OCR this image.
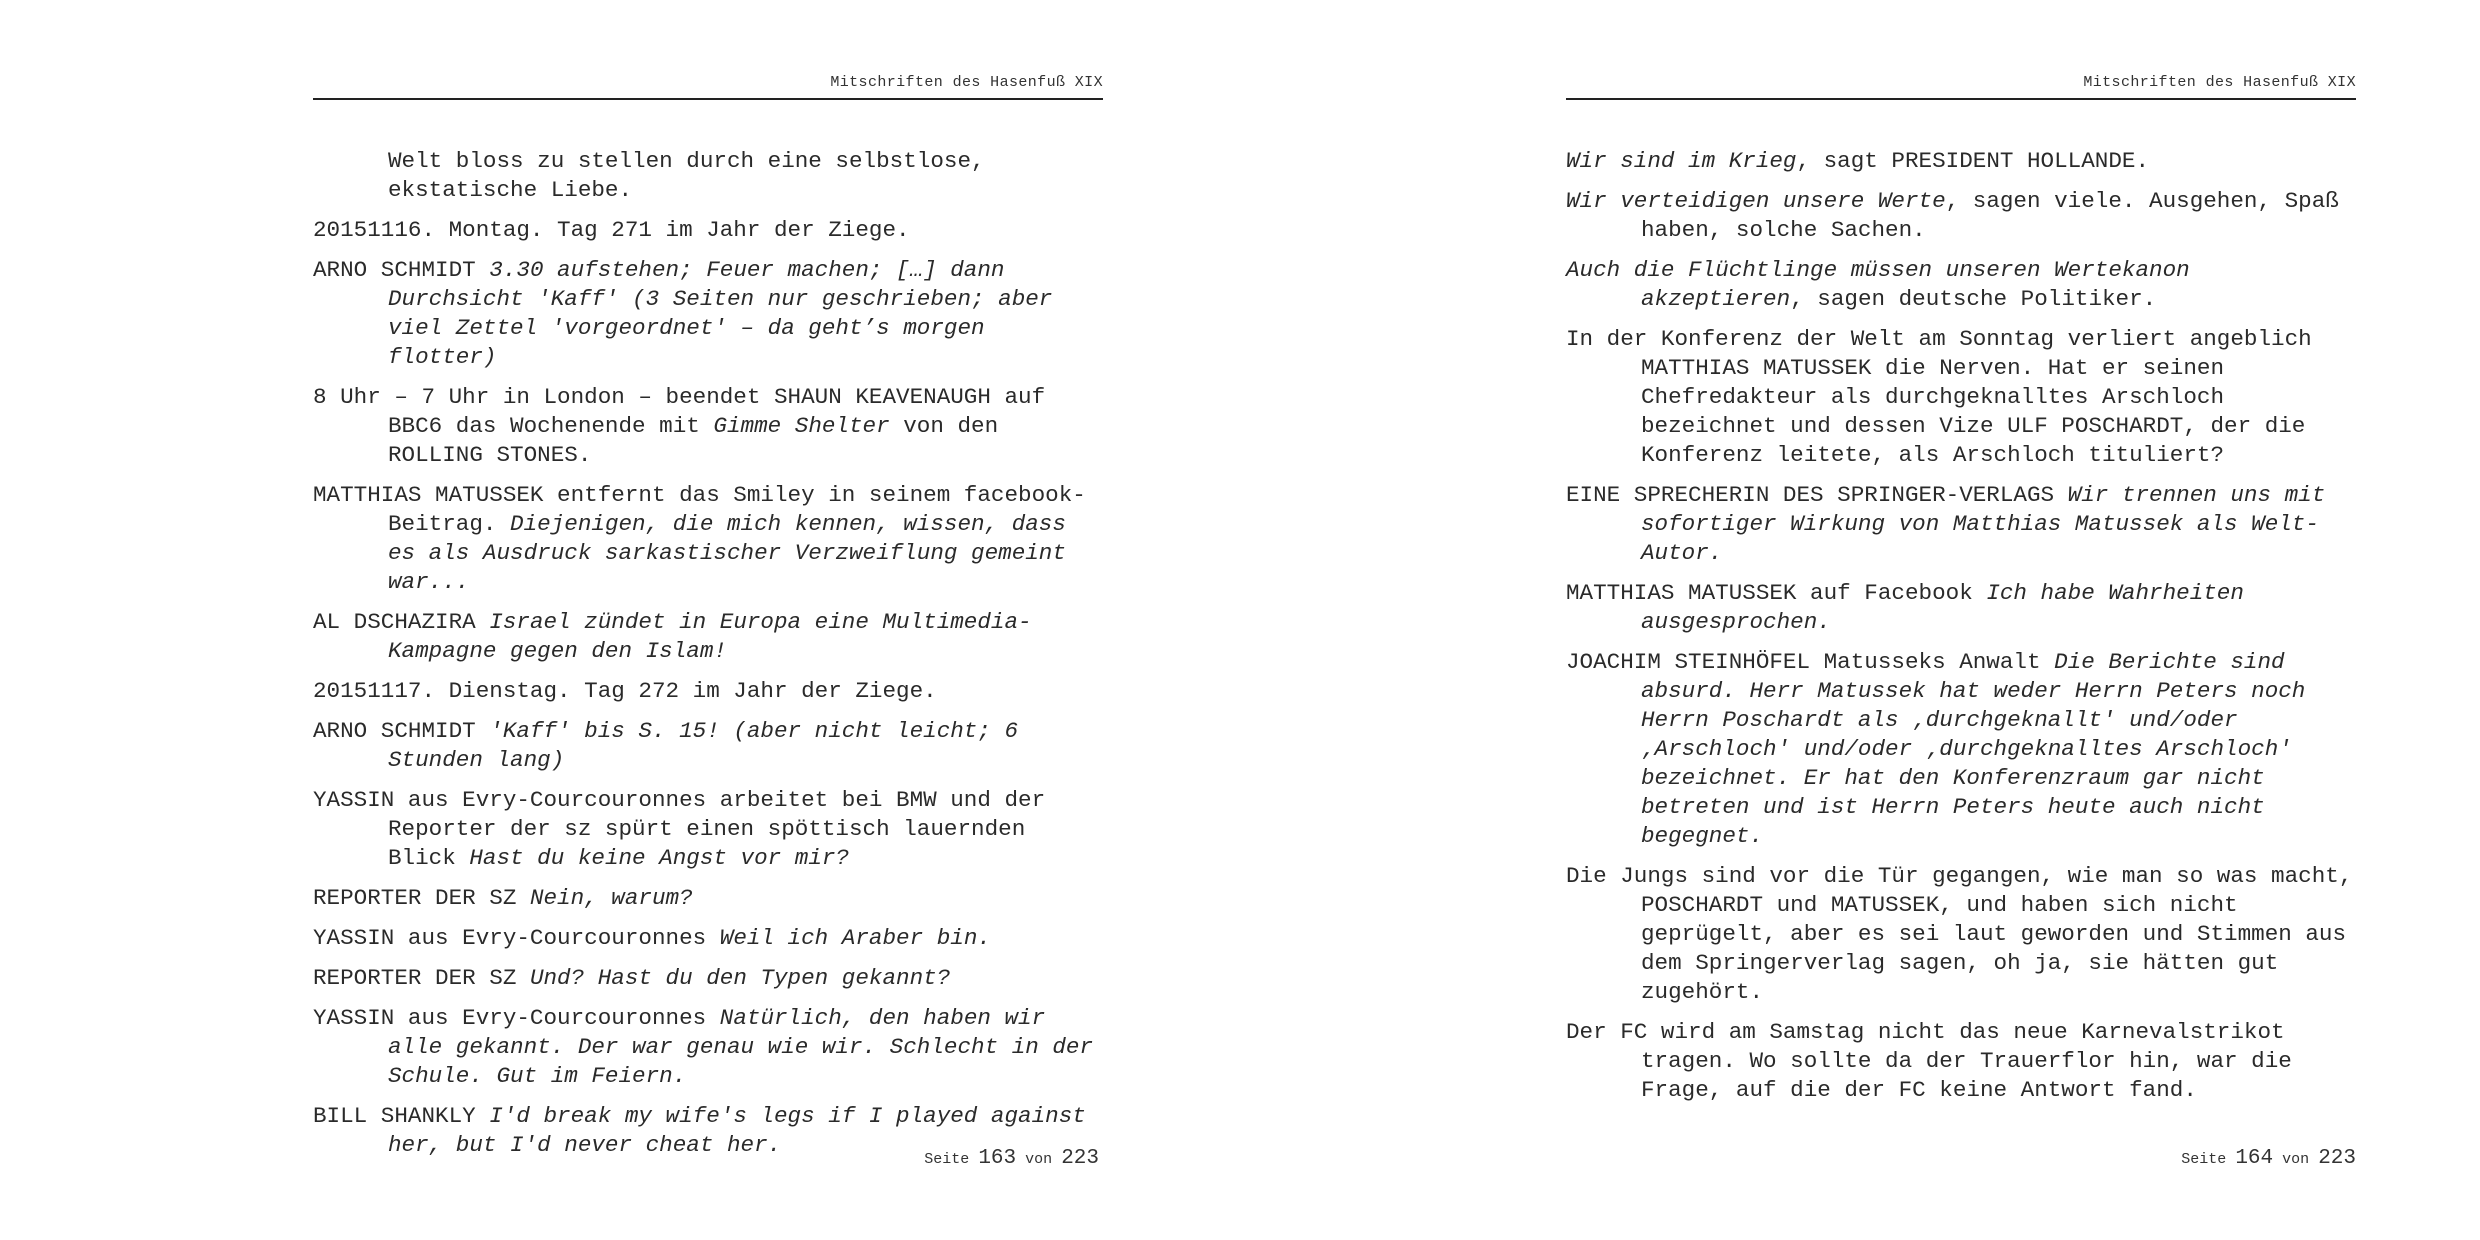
Mitschriften des Hasenfuß XIX

Welt bloss zu stellen durch eine selbstlose, ekstatische Liebe.

20151116. Montag. Tag 271 im Jahr der Ziege.

ARNO SCHMIDT 3.30 aufstehen; Feuer machen; […] dann Durchsicht 'Kaff' (3 Seiten nur geschrieben; aber viel Zettel 'vorgeordnet' – da geht’s morgen flotter)

8 Uhr – 7 Uhr in London – beendet SHAUN KEAVENAUGH auf BBC6 das Wochenende mit Gimme Shelter von den ROLLING STONES.

MATTHIAS MATUSSEK entfernt das Smiley in seinem facebook-Beitrag. Diejenigen, die mich kennen, wissen, dass es als Ausdruck sarkastischer Verzweiflung gemeint war...

AL DSCHAZIRA Israel zündet in Europa eine Multimedia-Kampagne gegen den Islam!

20151117. Dienstag. Tag 272 im Jahr der Ziege.

ARNO SCHMIDT 'Kaff' bis S. 15! (aber nicht leicht; 6 Stunden lang)

YASSIN aus Evry-Courcouronnes arbeitet bei BMW und der Reporter der sz spürt einen spöttisch lauernden Blick Hast du keine Angst vor mir?

REPORTER DER SZ Nein, warum?

YASSIN aus Evry-Courcouronnes Weil ich Araber bin.

REPORTER DER SZ Und? Hast du den Typen gekannt?

YASSIN aus Evry-Courcouronnes Natürlich, den haben wir alle gekannt. Der war genau wie wir. Schlecht in der Schule. Gut im Feiern.

BILL SHANKLY I'd break my wife's legs if I played against her, but I'd never cheat her.

Seite 163 von 223
Mitschriften des Hasenfuß XIX

Wir sind im Krieg, sagt PRESIDENT HOLLANDE.

Wir verteidigen unsere Werte, sagen viele. Ausgehen, Spaß haben, solche Sachen.

Auch die Flüchtlinge müssen unseren Wertekanon akzeptieren, sagen deutsche Politiker.

In der Konferenz der Welt am Sonntag verliert angeblich MATTHIAS MATUSSEK die Nerven. Hat er seinen Chefredakteur als durchgeknalltes Arschloch bezeichnet und dessen Vize ULF POSCHARDT, der die Konferenz leitete, als Arschloch tituliert?

EINE SPRECHERIN DES SPRINGER-VERLAGS Wir trennen uns mit sofortiger Wirkung von Matthias Matussek als Welt-Autor.

MATTHIAS MATUSSEK auf Facebook Ich habe Wahrheiten ausgesprochen.

JOACHIM STEINHÖFEL Matusseks Anwalt Die Berichte sind absurd. Herr Matussek hat weder Herrn Peters noch Herrn Poschardt als ‚durchgeknallt' und/oder ‚Arschloch' und/oder ‚durchgeknalltes Arschloch' bezeichnet. Er hat den Konferenzraum gar nicht betreten und ist Herrn Peters heute auch nicht begegnet.

Die Jungs sind vor die Tür gegangen, wie man so was macht, POSCHARDT und MATUSSEK, und haben sich nicht geprügelt, aber es sei laut geworden und Stimmen aus dem Springerverlag sagen, oh ja, sie hätten gut zugehört.

Der FC wird am Samstag nicht das neue Karnevalstrikot tragen. Wo sollte da der Trauerflor hin, war die Frage, auf die der FC keine Antwort fand.

Seite 164 von 223
